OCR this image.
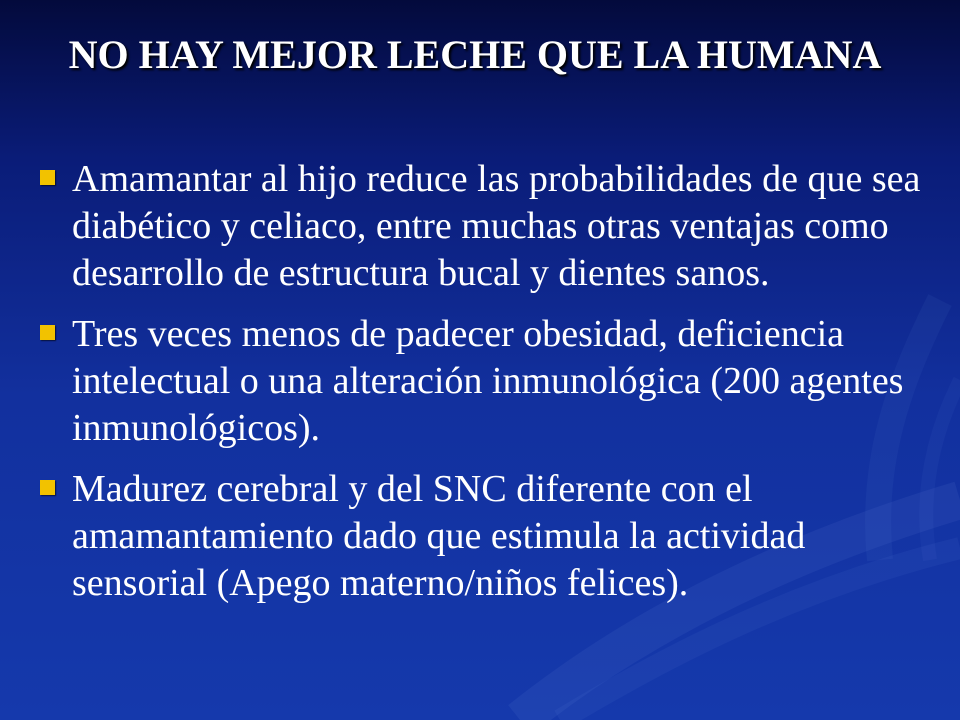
NO HAY MEJOR LECHE QUE LA HUMANA
Amamantar al hijo reduce las probabilidades de que sea diabético y celiaco, entre muchas otras ventajas como desarrollo de estructura bucal y dientes sanos.
Tres veces menos de padecer obesidad, deficiencia intelectual o una alteración inmunológica (200 agentes inmunológicos).
Madurez cerebral y del SNC diferente con el amamantamiento dado que estimula la actividad sensorial (Apego materno/niños felices).
